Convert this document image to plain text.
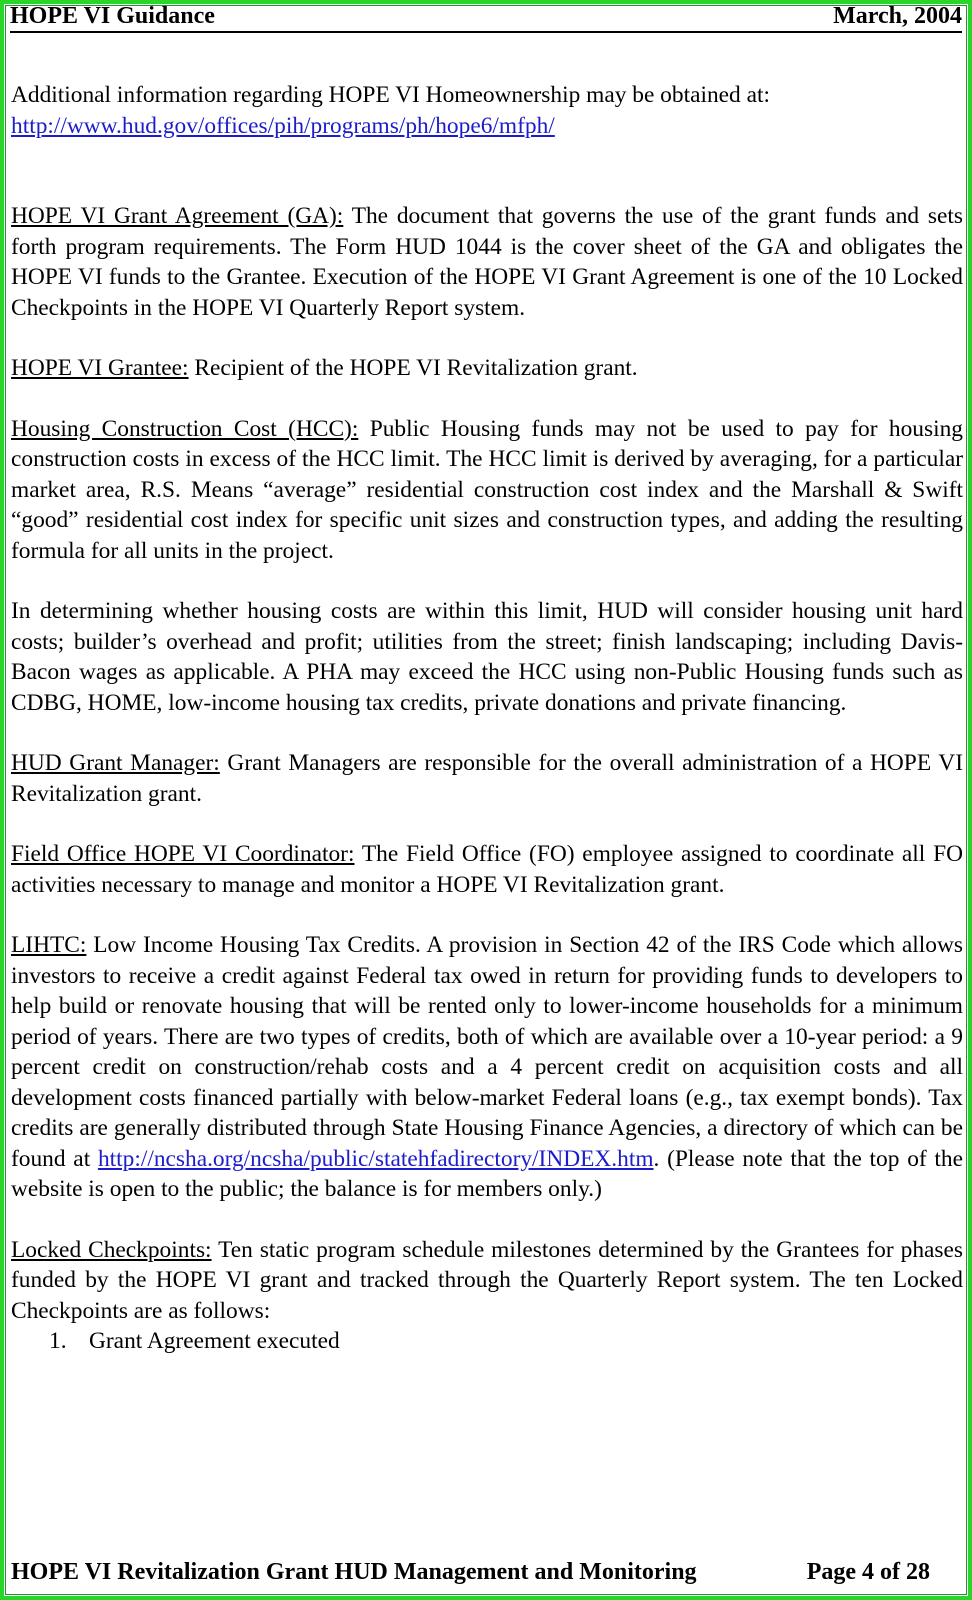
HOPE VI Guidance	March, 2004

Additional information regarding HOPE VI Homeownership may be obtained at:
http://www.hud.gov/offices/pih/programs/ph/hope6/mfph/

HOPE VI Grant Agreement (GA): The document that governs the use of the grant funds and sets forth program requirements. The Form HUD 1044 is the cover sheet of the GA and obligates the HOPE VI funds to the Grantee. Execution of the HOPE VI Grant Agreement is one of the 10 Locked Checkpoints in the HOPE VI Quarterly Report system.

HOPE VI Grantee: Recipient of the HOPE VI Revitalization grant.

Housing Construction Cost (HCC): Public Housing funds may not be used to pay for housing construction costs in excess of the HCC limit. The HCC limit is derived by averaging, for a particular market area, R.S. Means “average” residential construction cost index and the Marshall & Swift “good” residential cost index for specific unit sizes and construction types, and adding the resulting formula for all units in the project.

In determining whether housing costs are within this limit, HUD will consider housing unit hard costs; builder’s overhead and profit; utilities from the street; finish landscaping; including Davis-Bacon wages as applicable. A PHA may exceed the HCC using non-Public Housing funds such as CDBG, HOME, low-income housing tax credits, private donations and private financing.

HUD Grant Manager: Grant Managers are responsible for the overall administration of a HOPE VI Revitalization grant.

Field Office HOPE VI Coordinator: The Field Office (FO) employee assigned to coordinate all FO activities necessary to manage and monitor a HOPE VI Revitalization grant.

LIHTC: Low Income Housing Tax Credits. A provision in Section 42 of the IRS Code which allows investors to receive a credit against Federal tax owed in return for providing funds to developers to help build or renovate housing that will be rented only to lower-income households for a minimum period of years. There are two types of credits, both of which are available over a 10-year period: a 9 percent credit on construction/rehab costs and a 4 percent credit on acquisition costs and all development costs financed partially with below-market Federal loans (e.g., tax exempt bonds). Tax credits are generally distributed through State Housing Finance Agencies, a directory of which can be found at http://ncsha.org/ncsha/public/statehfadirectory/INDEX.htm. (Please note that the top of the website is open to the public; the balance is for members only.)

Locked Checkpoints: Ten static program schedule milestones determined by the Grantees for phases funded by the HOPE VI grant and tracked through the Quarterly Report system. The ten Locked Checkpoints are as follows:

1. Grant Agreement executed
HOPE VI Revitalization Grant HUD Management and Monitoring	Page 4 of 28
